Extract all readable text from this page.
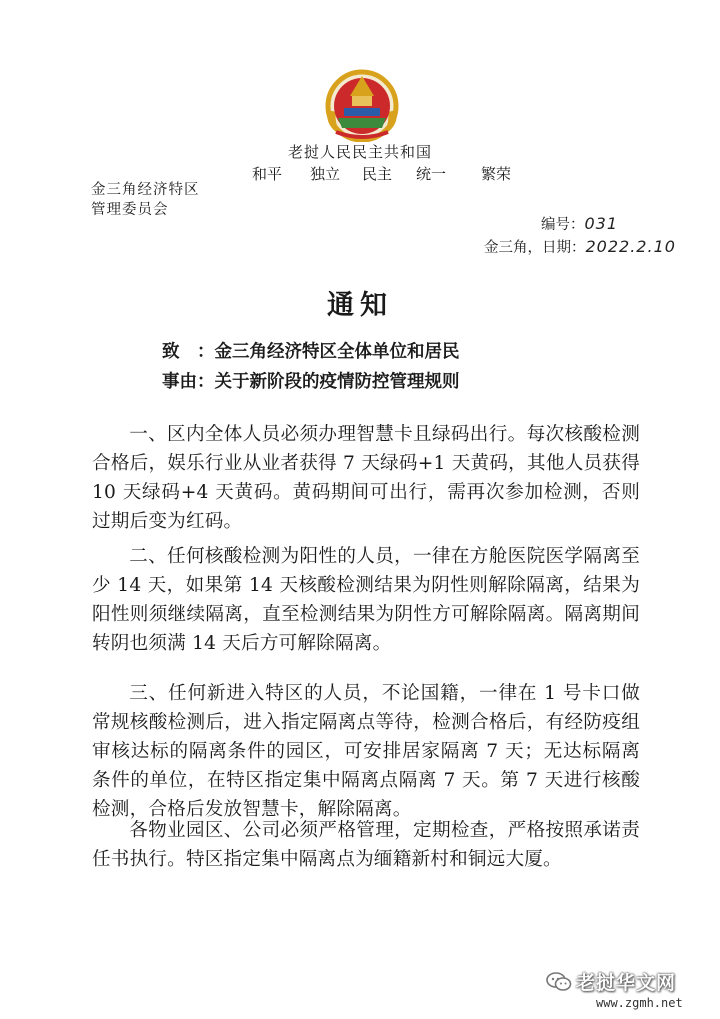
老挝人民民主共和国
和平 独立 民主 统一 繁荣
金三角经济特区
管理委员会
编号：031
金三角，日期：2022.2.10
通知
致　：金三角经济特区全体单位和居民
事由：关于新阶段的疫情防控管理规则

一、区内全体人员必须办理智慧卡且绿码出行。每次核酸检测合格后，娱乐行业从业者获得 7 天绿码+1 天黄码，其他人员获得 10 天绿码+4 天黄码。黄码期间可出行，需再次参加检测，否则过期后变为红码。

二、任何核酸检测为阳性的人员，一律在方舱医院医学隔离至少 14 天，如果第 14 天核酸检测结果为阴性则解除隔离，结果为阳性则须继续隔离，直至检测结果为阴性方可解除隔离。隔离期间转阴也须满 14 天后方可解除隔离。

三、任何新进入特区的人员，不论国籍，一律在 1 号卡口做常规核酸检测后，进入指定隔离点等待，检测合格后，有经防疫组审核达标的隔离条件的园区，可安排居家隔离 7 天；无达标隔离条件的单位，在特区指定集中隔离点隔离 7 天。第 7 天进行核酸检测，合格后发放智慧卡，解除隔离。

各物业园区、公司必须严格管理，定期检查，严格按照承诺责任书执行。特区指定集中隔离点为缅籍新村和铜远大厦。

老挝华文网
www.zgmh.net
